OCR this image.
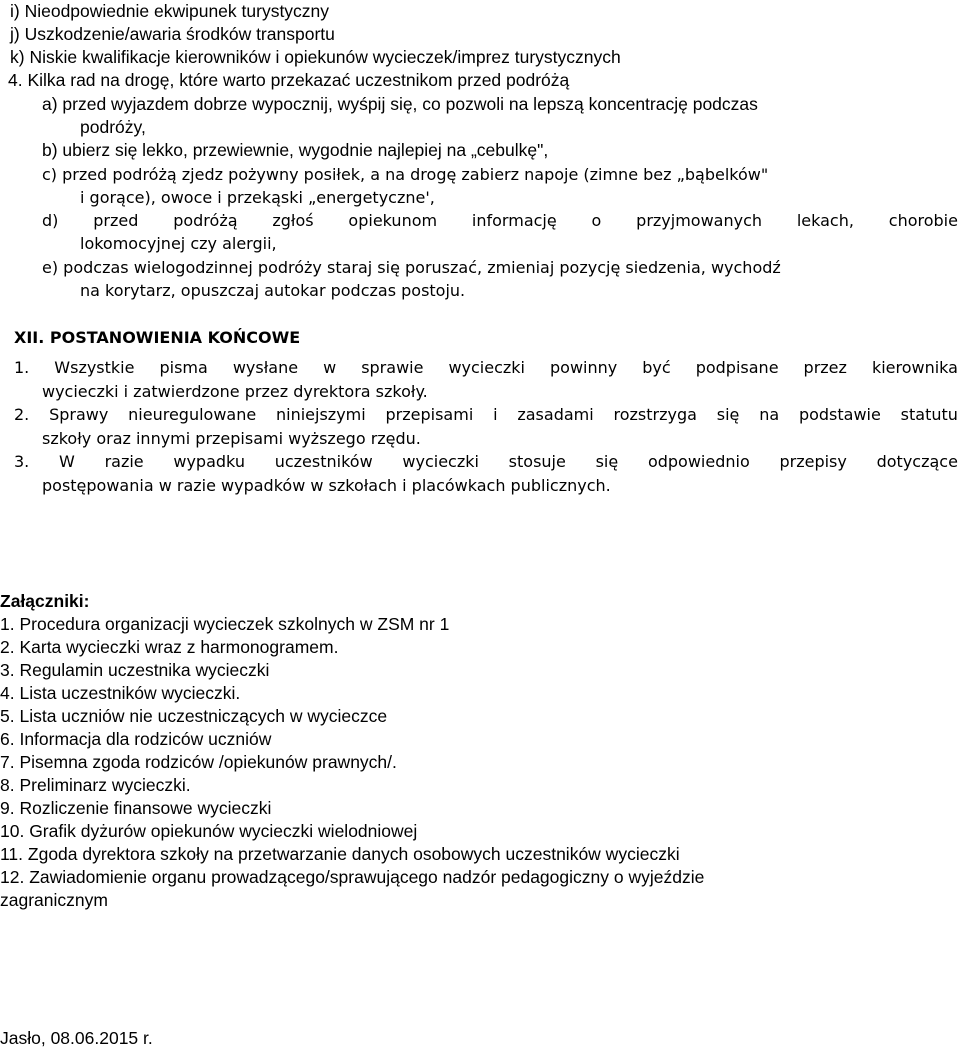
i) Nieodpowiednie ekwipunek turystyczny
j) Uszkodzenie/awaria środków transportu
k) Niskie kwalifikacje kierowników i opiekunów wycieczek/imprez turystycznych
4. Kilka rad na drogę, które warto przekazać uczestnikom przed podróżą
a) przed wyjazdem dobrze wypocznij, wyśpij się, co pozwoli na lepszą koncentrację podczas
podróży,
b) ubierz się lekko, przewiewnie, wygodnie najlepiej na „cebulkę",
c) przed podróżą zjedz pożywny posiłek, a na drogę zabierz napoje (zimne bez „bąbelków"
i gorące), owoce i przekąski „energetyczne',
d) przed podróżą zgłoś opiekunom informację o przyjmowanych lekach, chorobie
lokomocyjnej czy alergii,
e) podczas wielogodzinnej podróży staraj się poruszać, zmieniaj pozycję siedzenia, wychodź
na korytarz, opuszczaj autokar podczas postoju.
XII. POSTANOWIENIA KOŃCOWE
1. Wszystkie pisma wysłane w sprawie wycieczki powinny być podpisane przez kierownika
wycieczki i zatwierdzone przez dyrektora szkoły.
2. Sprawy nieuregulowane niniejszymi przepisami i zasadami rozstrzyga się na podstawie statutu
szkoły oraz innymi przepisami wyższego rzędu.
3. W razie wypadku uczestników wycieczki stosuje się odpowiednio przepisy dotyczące
postępowania w razie wypadków w szkołach i placówkach publicznych.
Załączniki:
1. Procedura organizacji wycieczek szkolnych w ZSM nr 1
2. Karta wycieczki wraz z harmonogramem.
3. Regulamin uczestnika wycieczki
4. Lista uczestników wycieczki.
5. Lista uczniów nie uczestniczących w wycieczce
6. Informacja dla rodziców uczniów
7. Pisemna zgoda rodziców /opiekunów prawnych/.
8. Preliminarz wycieczki.
9. Rozliczenie finansowe wycieczki
10. Grafik dyżurów opiekunów wycieczki wielodniowej
11. Zgoda dyrektora szkoły na przetwarzanie danych osobowych uczestników wycieczki
12. Zawiadomienie organu prowadzącego/sprawującego nadzór pedagogiczny o wyjeździe
zagranicznym
Jasło, 08.06.2015 r.
